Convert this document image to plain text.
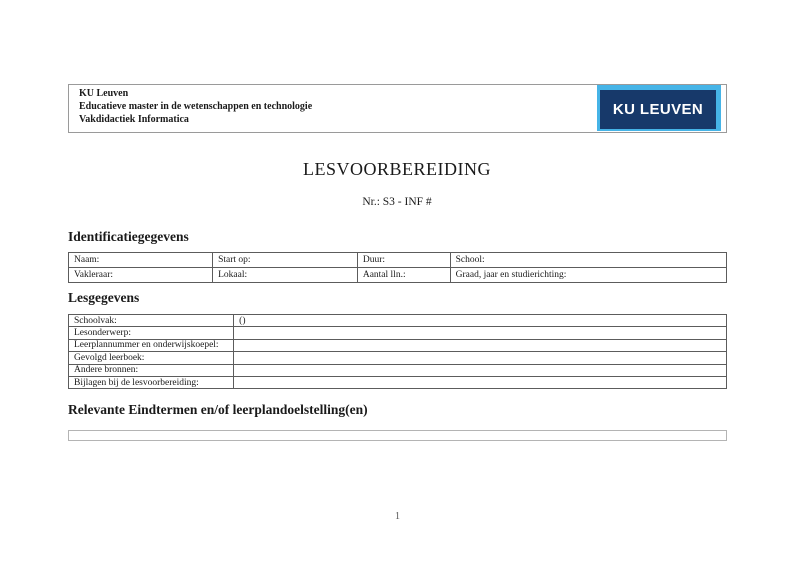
KU Leuven
Educatieve master in de wetenschappen en technologie
Vakdidactiek Informatica
KU LEUVEN
LESVOORBEREIDING
Nr.: S3 - INF #
Identificatiegegevens
Naam:	Start op:	Duur:	School:
Vakleraar:	Lokaal:	Aantal lln.:	Graad, jaar en studierichting:
Lesgegevens
Schoolvak:	()
Lesonderwerp:	
Leerplannummer en onderwijskoepel:	
Gevolgd leerboek:	
Andere bronnen:	
Bijlagen bij de lesvoorbereiding:	
Relevante Eindtermen en/of leerplandoelstelling(en)
1
